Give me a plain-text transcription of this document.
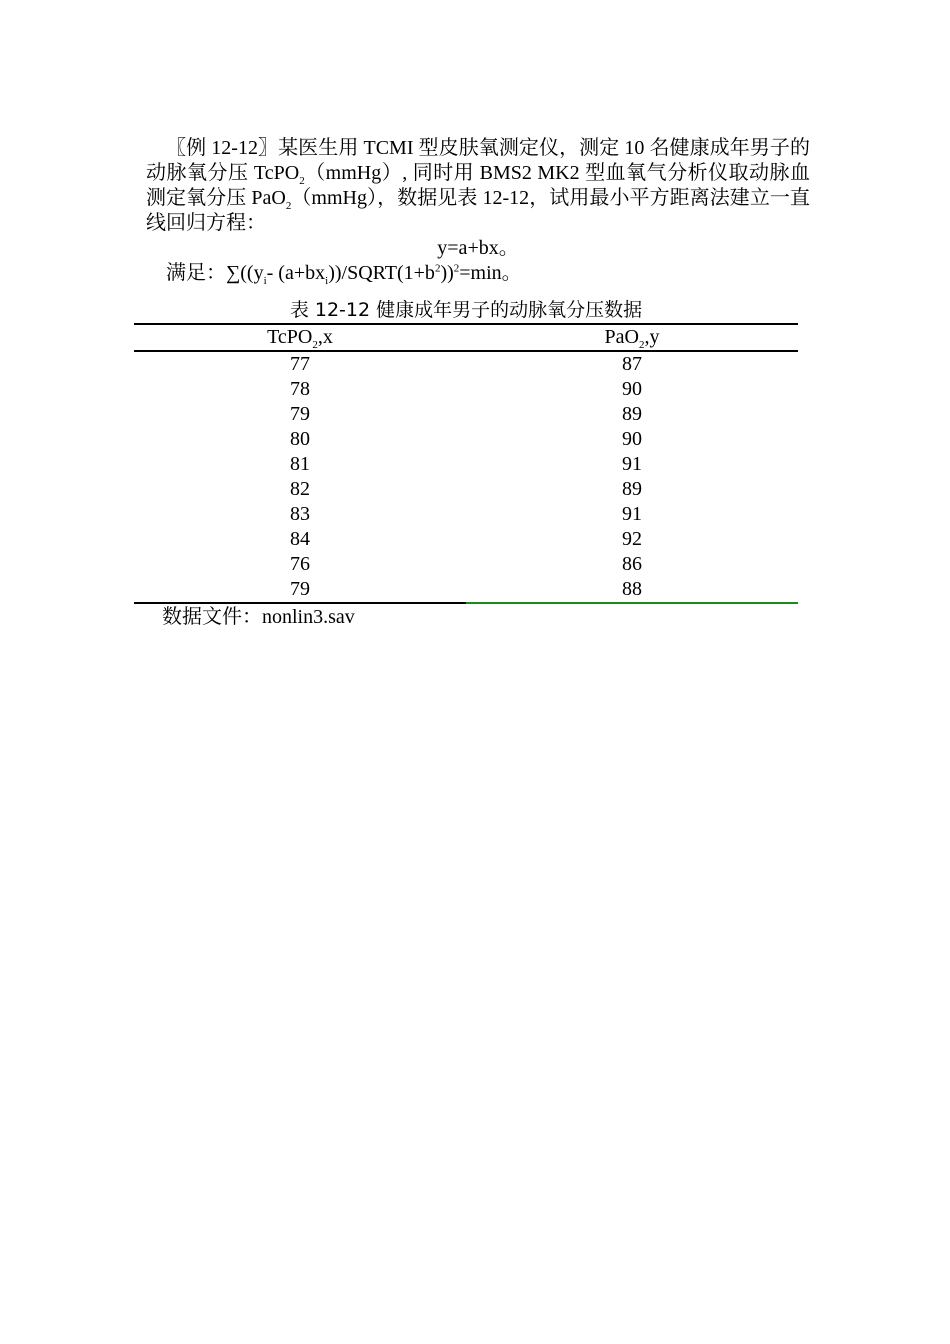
〖例 12-12〗某医生用 TCMI 型皮肤氧测定仪，测定 10 名健康成年男子的动脉氧分压 TcPO$_2$（mmHg）, 同时用 BMS2 MK2 型血氧气分析仪取动脉血测定氧分压 PaO$_2$（mmHg），数据见表 12-12，试用最小平方距离法建立一直线回归方程：

y=a+bx。

满足：$\sum((y_i-$ $(a+bx_i))/SQRT(1+b^2))^2=\min$。

表 12-12 健康成年男子的动脉氧分压数据

TcPO$_2$,x	PaO$_2$,y
77	87
78	90
79	89
80	90
81	91
82	89
83	91
84	92
76	86
79	88

数据文件：nonlin3.sav
